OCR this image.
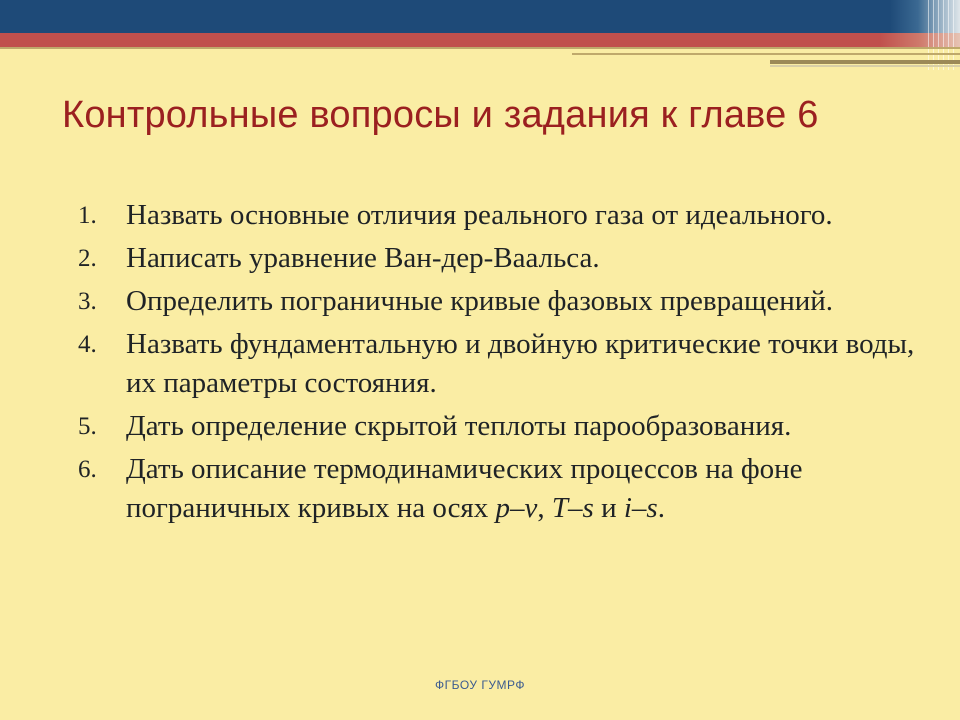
Контрольные вопросы и задания к главе 6
1.	Назвать основные отличия реального газа от идеального.
2.	Написать уравнение Ван-дер-Ваальса.
3.	Определить пограничные кривые фазовых превращений.
4.	Назвать фундаментальную и двойную критические точки воды, их параметры состояния.
5.	Дать определение скрытой теплоты парообразования.
6.	Дать описание термодинамических процессов на фоне пограничных кривых на осях p–v, T–s и i–s.
ФГБОУ ГУМРФ
